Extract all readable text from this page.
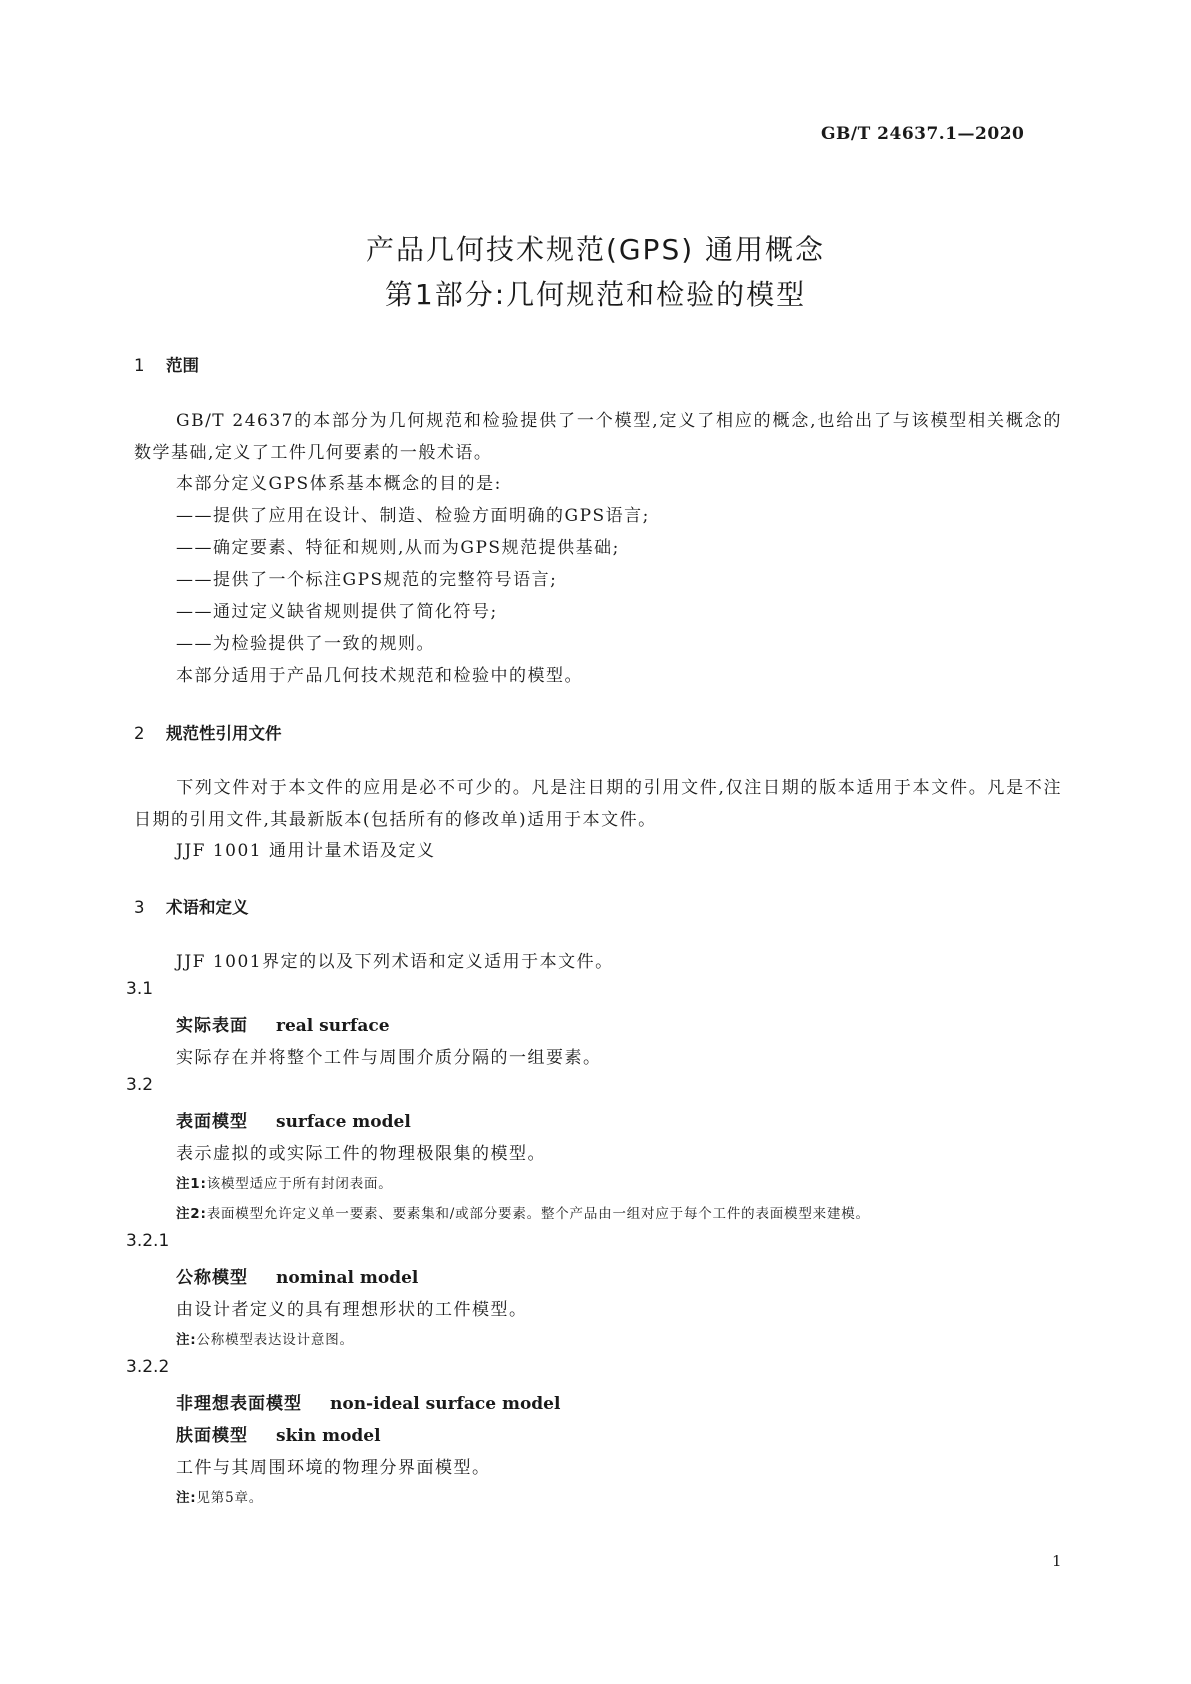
GB/T 24637.1—2020
产品几何技术规范(GPS) 通用概念
第1部分:几何规范和检验的模型
1 范围
GB/T 24637的本部分为几何规范和检验提供了一个模型,定义了相应的概念,也给出了与该模型相关概念的数学基础,定义了工件几何要素的一般术语。
本部分定义GPS体系基本概念的目的是:
——提供了应用在设计、制造、检验方面明确的GPS语言;
——确定要素、特征和规则,从而为GPS规范提供基础;
——提供了一个标注GPS规范的完整符号语言;
——通过定义缺省规则提供了简化符号;
——为检验提供了一致的规则。
本部分适用于产品几何技术规范和检验中的模型。
2 规范性引用文件
下列文件对于本文件的应用是必不可少的。凡是注日期的引用文件,仅注日期的版本适用于本文件。凡是不注日期的引用文件,其最新版本(包括所有的修改单)适用于本文件。
JJF 1001 通用计量术语及定义
3 术语和定义
JJF 1001界定的以及下列术语和定义适用于本文件。
3.1
实际表面 real surface
实际存在并将整个工件与周围介质分隔的一组要素。
3.2
表面模型 surface model
表示虚拟的或实际工件的物理极限集的模型。
注1:该模型适应于所有封闭表面。
注2:表面模型允许定义单一要素、要素集和/或部分要素。整个产品由一组对应于每个工件的表面模型来建模。
3.2.1
公称模型 nominal model
由设计者定义的具有理想形状的工件模型。
注:公称模型表达设计意图。
3.2.2
非理想表面模型 non-ideal surface model
肤面模型 skin model
工件与其周围环境的物理分界面模型。
注:见第5章。
1
